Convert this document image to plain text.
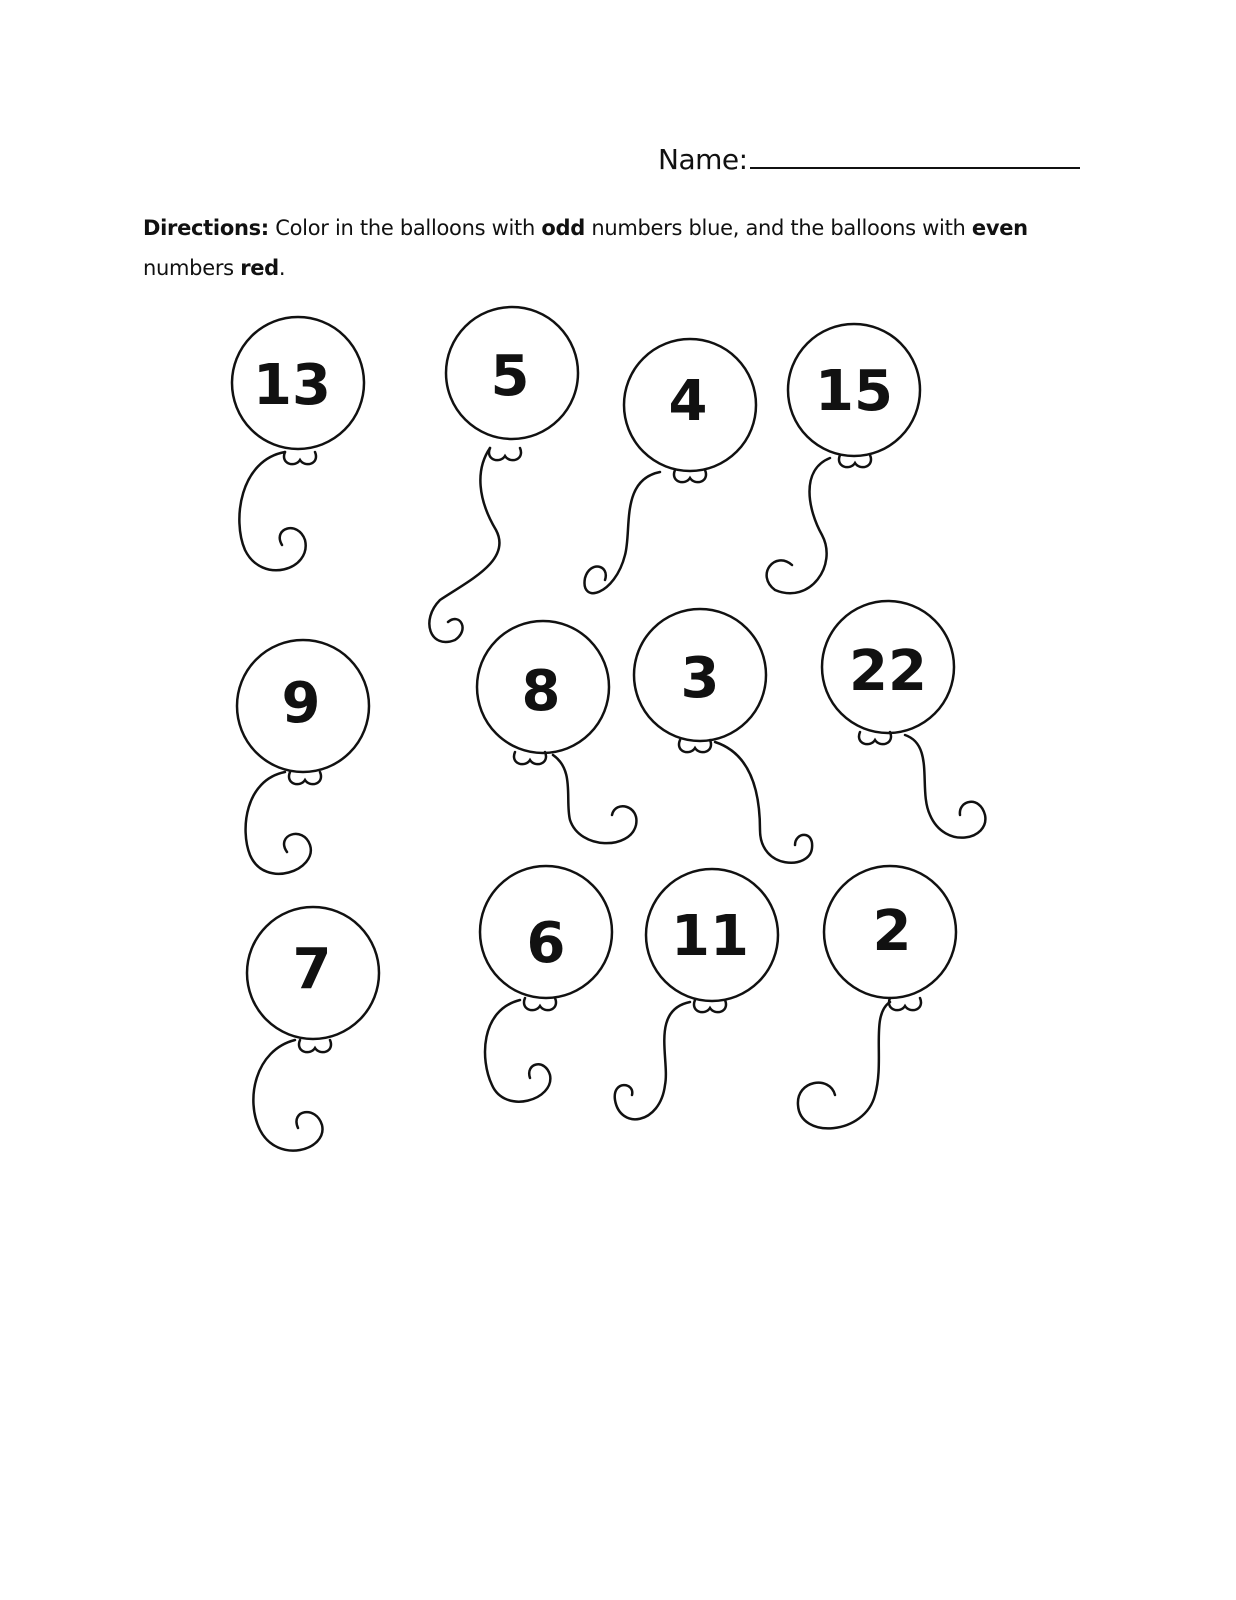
Name:
Directions: Color in the balloons with odd numbers blue, and the balloons with even
numbers red.
13	5 4 15
9	8 3 22
7	6 11 2
